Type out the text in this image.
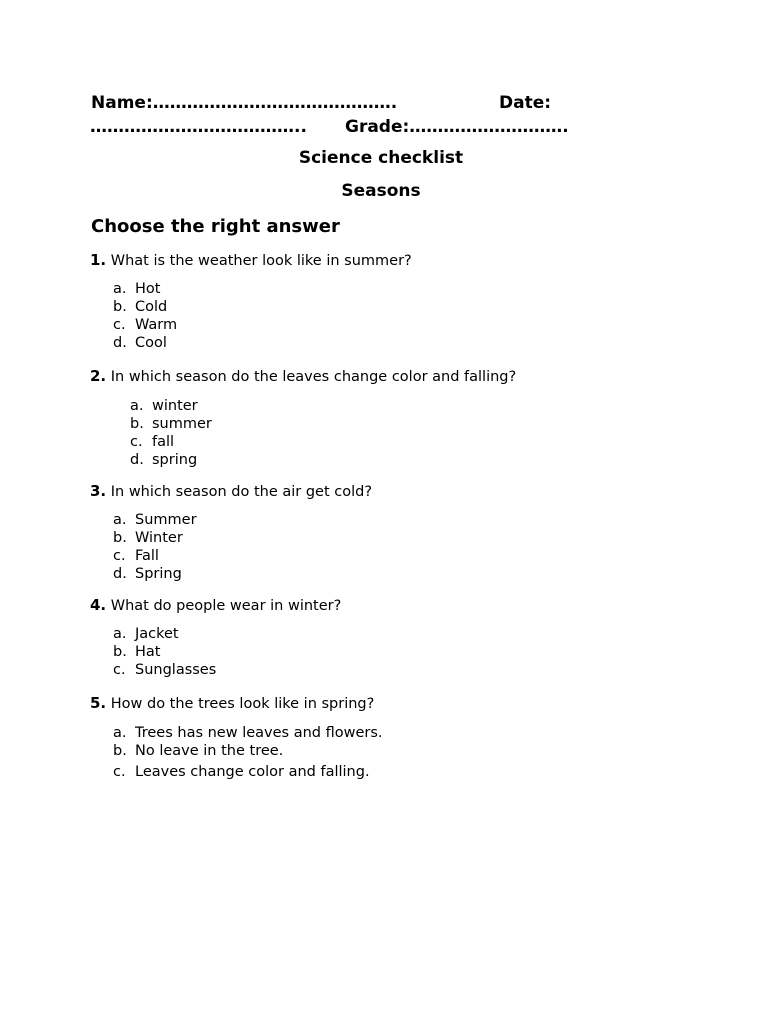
Name:…………………………………….	Date:
……………………………….. Grade:……………………….
Science checklist
Seasons
Choose the right answer
1. What is the weather look like in summer?
a. Hot
b. Cold
c. Warm
d. Cool
2. In which season do the leaves change color and falling?
a. winter
b. summer
c. fall
d. spring
3. In which season do the air get cold?
a. Summer
b. Winter
c. Fall
d. Spring
4. What do people wear in winter?
a. Jacket
b. Hat
c. Sunglasses
5. How do the trees look like in spring?
a. Trees has new leaves and flowers.
b. No leave in the tree.
c. Leaves change color and falling.
